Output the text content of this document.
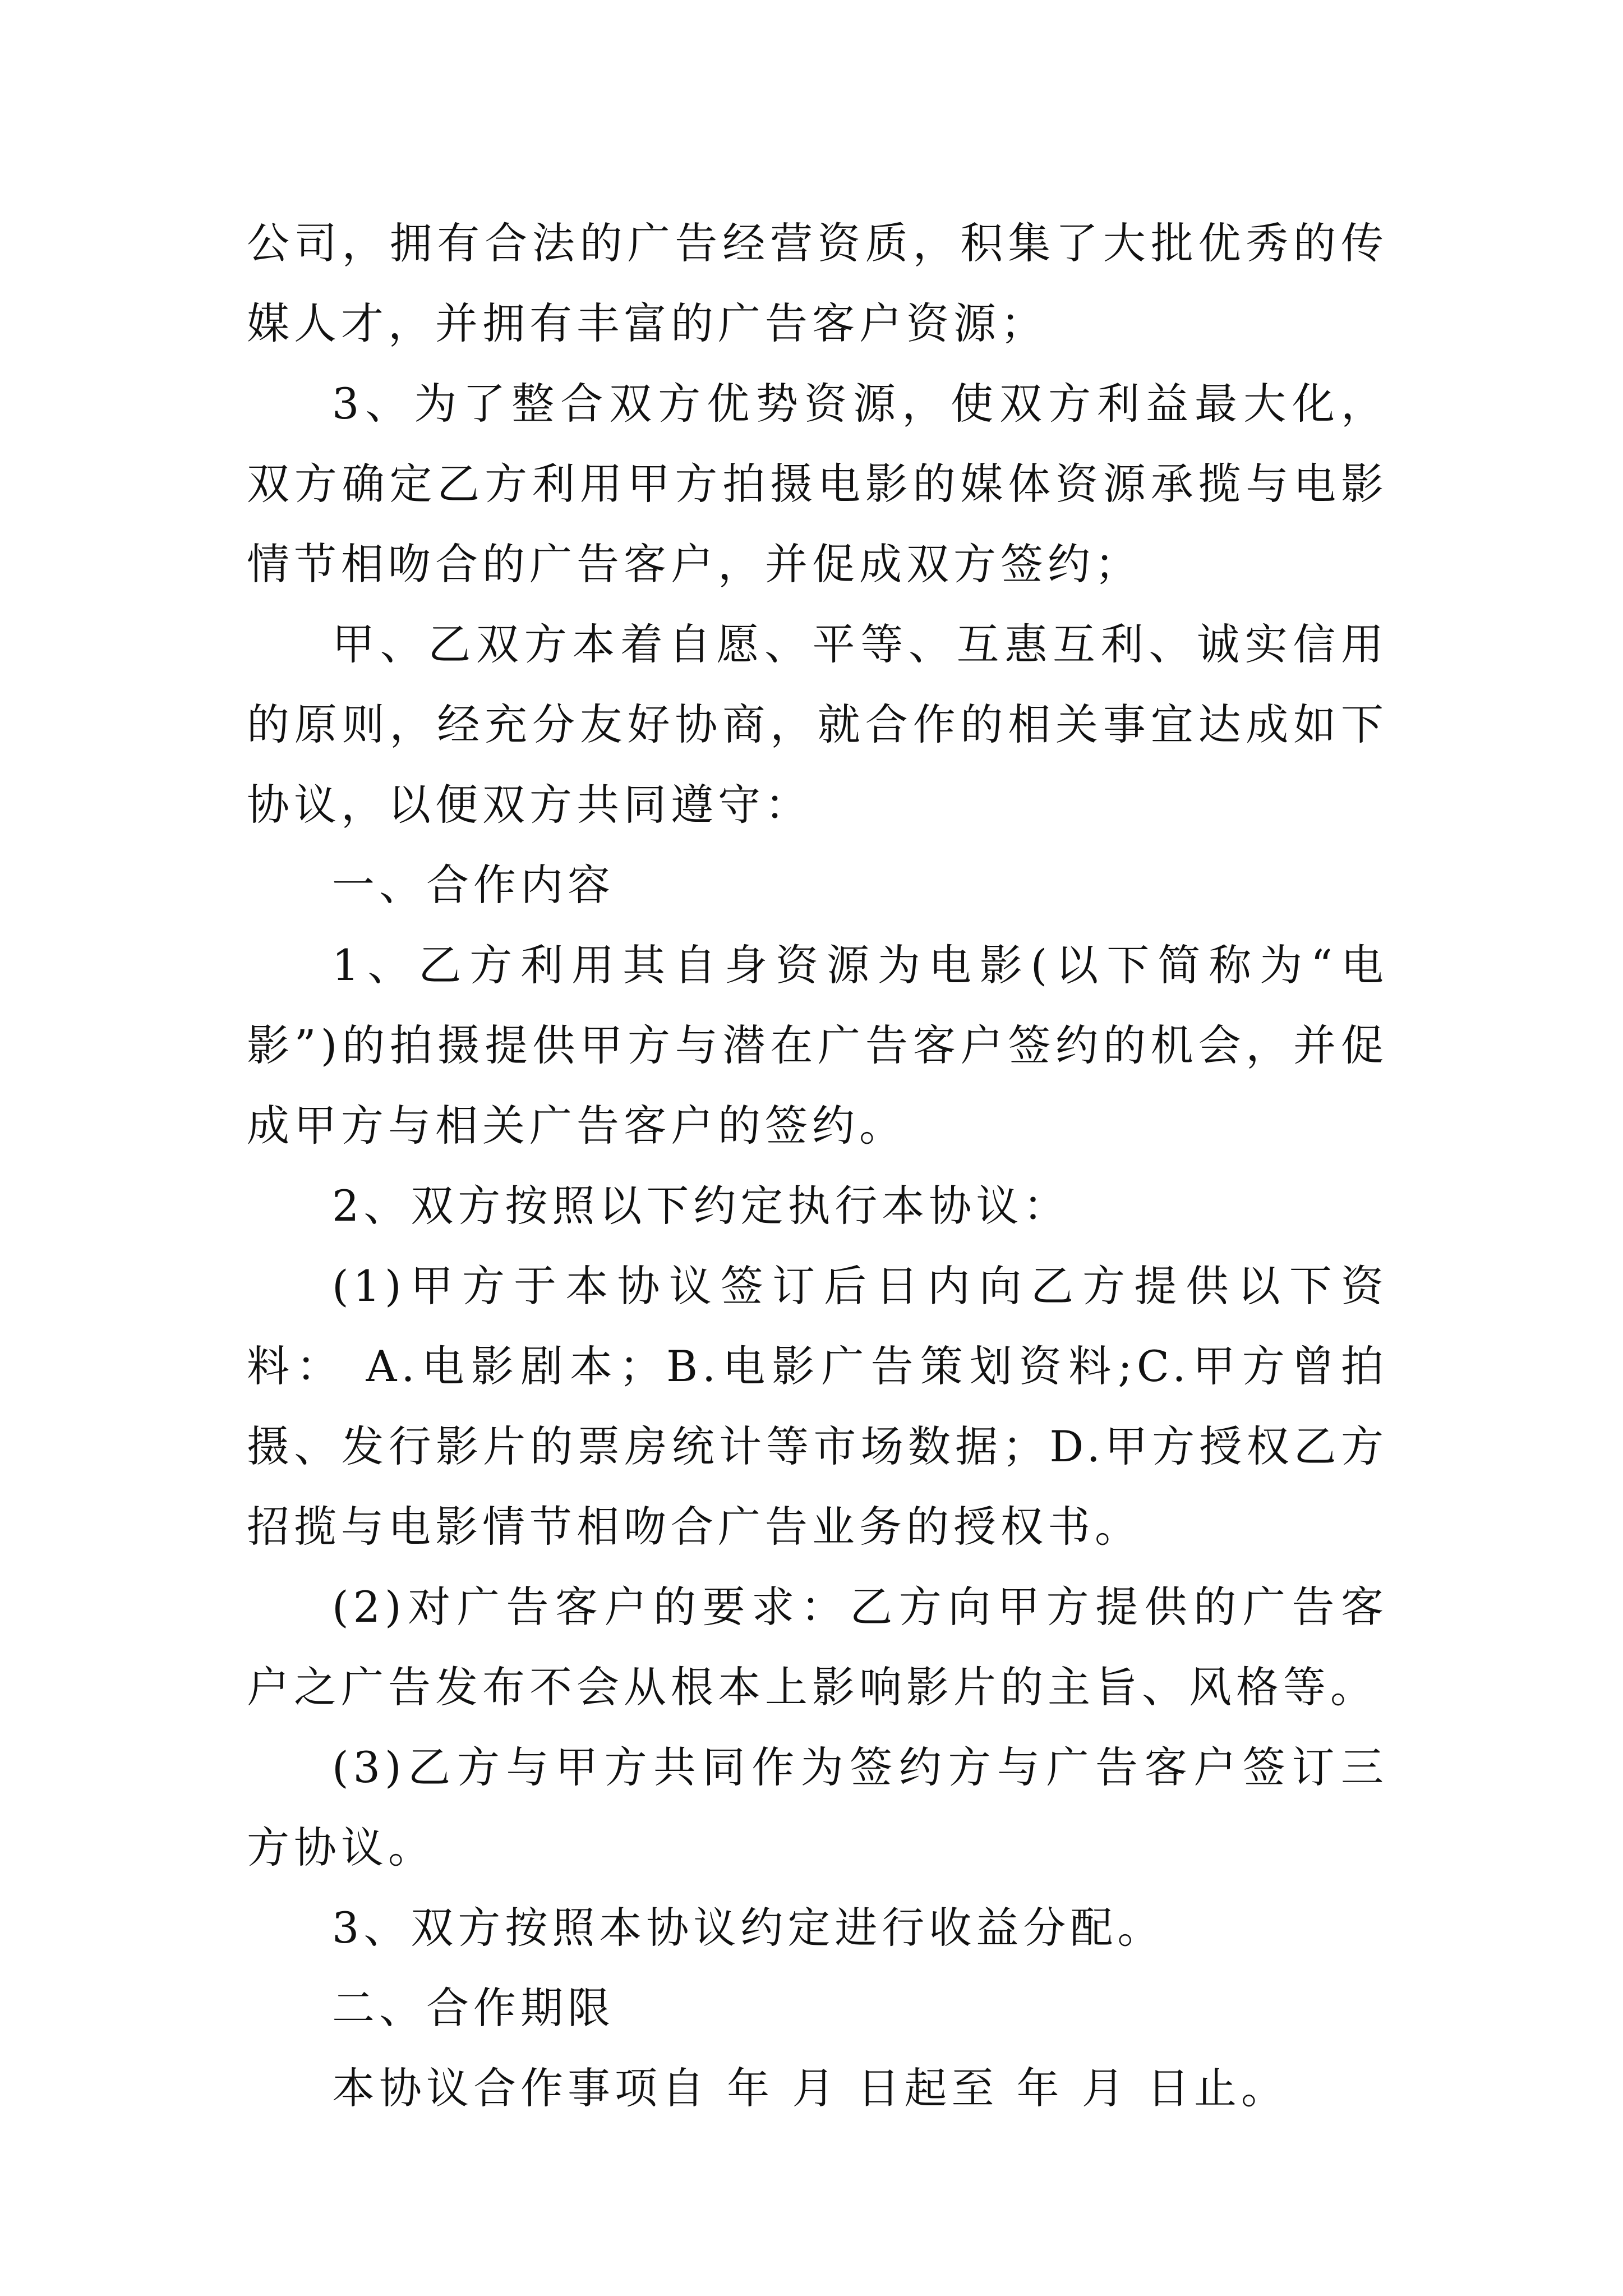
公司，拥有合法的广告经营资质，积集了大批优秀的传媒人才，并拥有丰富的广告客户资源；

3、为了整合双方优势资源，使双方利益最大化，双方确定乙方利用甲方拍摄电影的媒体资源承揽与电影情节相吻合的广告客户，并促成双方签约；

甲、乙双方本着自愿、平等、互惠互利、诚实信用的原则，经充分友好协商，就合作的相关事宜达成如下协议，以便双方共同遵守：

一、合作内容

1、乙方利用其自身资源为电影(以下简称为“电影”)的拍摄提供甲方与潜在广告客户签约的机会，并促成甲方与相关广告客户的签约。

2、双方按照以下约定执行本协议：

(1)甲方于本协议签订后日内向乙方提供以下资料： A.电影剧本；B.电影广告策划资料;C.甲方曾拍摄、发行影片的票房统计等市场数据；D.甲方授权乙方招揽与电影情节相吻合广告业务的授权书。

(2)对广告客户的要求：乙方向甲方提供的广告客户之广告发布不会从根本上影响影片的主旨、风格等。

(3)乙方与甲方共同作为签约方与广告客户签订三方协议。

3、双方按照本协议约定进行收益分配。

二、合作期限

本协议合作事项自 年 月 日起至 年 月 日止。
